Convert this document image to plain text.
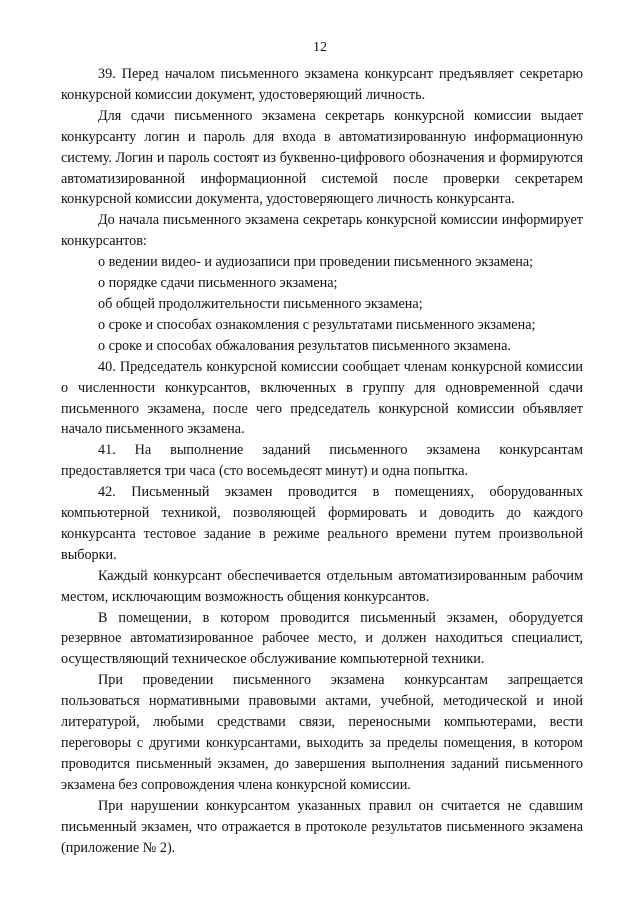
12

39. Перед началом письменного экзамена конкурсант предъявляет секретарю конкурсной комиссии документ, удостоверяющий личность.

Для сдачи письменного экзамена секретарь конкурсной комиссии выдает конкурсанту логин и пароль для входа в автоматизированную информационную систему. Логин и пароль состоят из буквенно-цифрового обозначения и формируются автоматизированной информационной системой после проверки секретарем конкурсной комиссии документа, удостоверяющего личность конкурсанта.

До начала письменного экзамена секретарь конкурсной комиссии информирует конкурсантов:

о ведении видео- и аудиозаписи при проведении письменного экзамена;

о порядке сдачи письменного экзамена;

об общей продолжительности письменного экзамена;

о сроке и способах ознакомления с результатами письменного экзамена;

о сроке и способах обжалования результатов письменного экзамена.

40. Председатель конкурсной комиссии сообщает членам конкурсной комиссии о численности конкурсантов, включенных в группу для одновременной сдачи письменного экзамена, после чего председатель конкурсной комиссии объявляет начало письменного экзамена.

41. На выполнение заданий письменного экзамена конкурсантам предоставляется три часа (сто восемьдесят минут) и одна попытка.

42. Письменный экзамен проводится в помещениях, оборудованных компьютерной техникой, позволяющей формировать и доводить до каждого конкурсанта тестовое задание в режиме реального времени путем произвольной выборки.

Каждый конкурсант обеспечивается отдельным автоматизированным рабочим местом, исключающим возможность общения конкурсантов.

В помещении, в котором проводится письменный экзамен, оборудуется резервное автоматизированное рабочее место, и должен находиться специалист, осуществляющий техническое обслуживание компьютерной техники.

При проведении письменного экзамена конкурсантам запрещается пользоваться нормативными правовыми актами, учебной, методической и иной литературой, любыми средствами связи, переносными компьютерами, вести переговоры с другими конкурсантами, выходить за пределы помещения, в котором проводится письменный экзамен, до завершения выполнения заданий письменного экзамена без сопровождения члена конкурсной комиссии.

При нарушении конкурсантом указанных правил он считается не сдавшим письменный экзамен, что отражается в протоколе результатов письменного экзамена (приложение № 2).
